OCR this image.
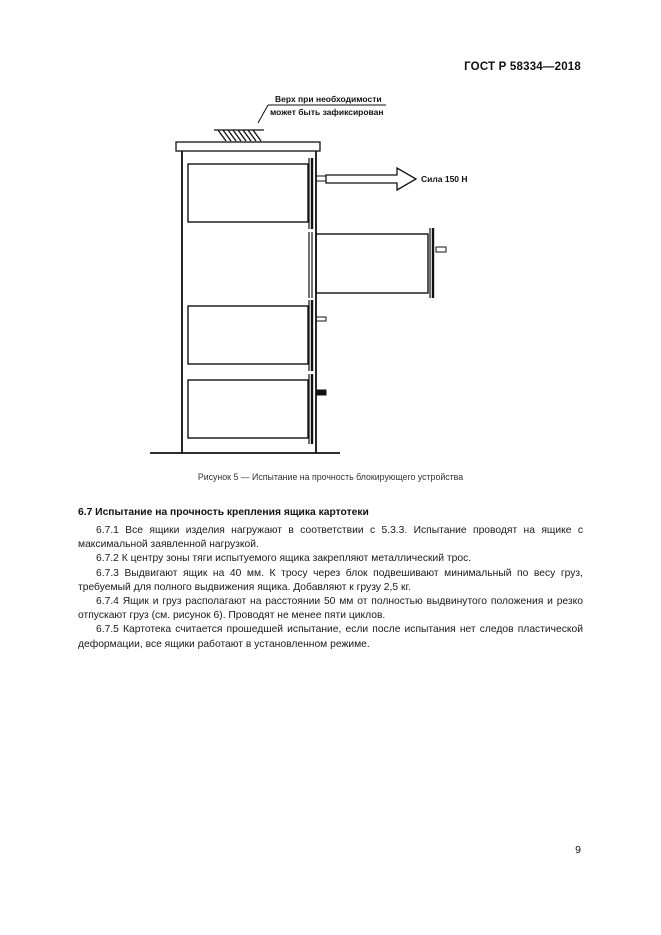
ГОСТ Р 58334—2018
Верх при необходимости
может быть зафиксирован
Сила 150 Н
Рисунок 5 — Испытание на прочность блокирующего устройства
6.7 Испытание на прочность крепления ящика картотеки

6.7.1 Все ящики изделия нагружают в соответствии с 5.3.3. Испытание проводят на ящике с максимальной заявленной нагрузкой.

6.7.2 К центру зоны тяги испытуемого ящика закрепляют металлический трос.

6.7.3 Выдвигают ящик на 40 мм. К тросу через блок подвешивают минимальный по весу груз, требуемый для полного выдвижения ящика. Добавляют к грузу 2,5 кг.

6.7.4 Ящик и груз располагают на расстоянии 50 мм от полностью выдвинутого положения и резко отпускают груз (см. рисунок 6). Проводят не менее пяти циклов.

6.7.5 Картотека считается прошедшей испытание, если после испытания нет следов пластической деформации, все ящики работают в установленном режиме.

9
